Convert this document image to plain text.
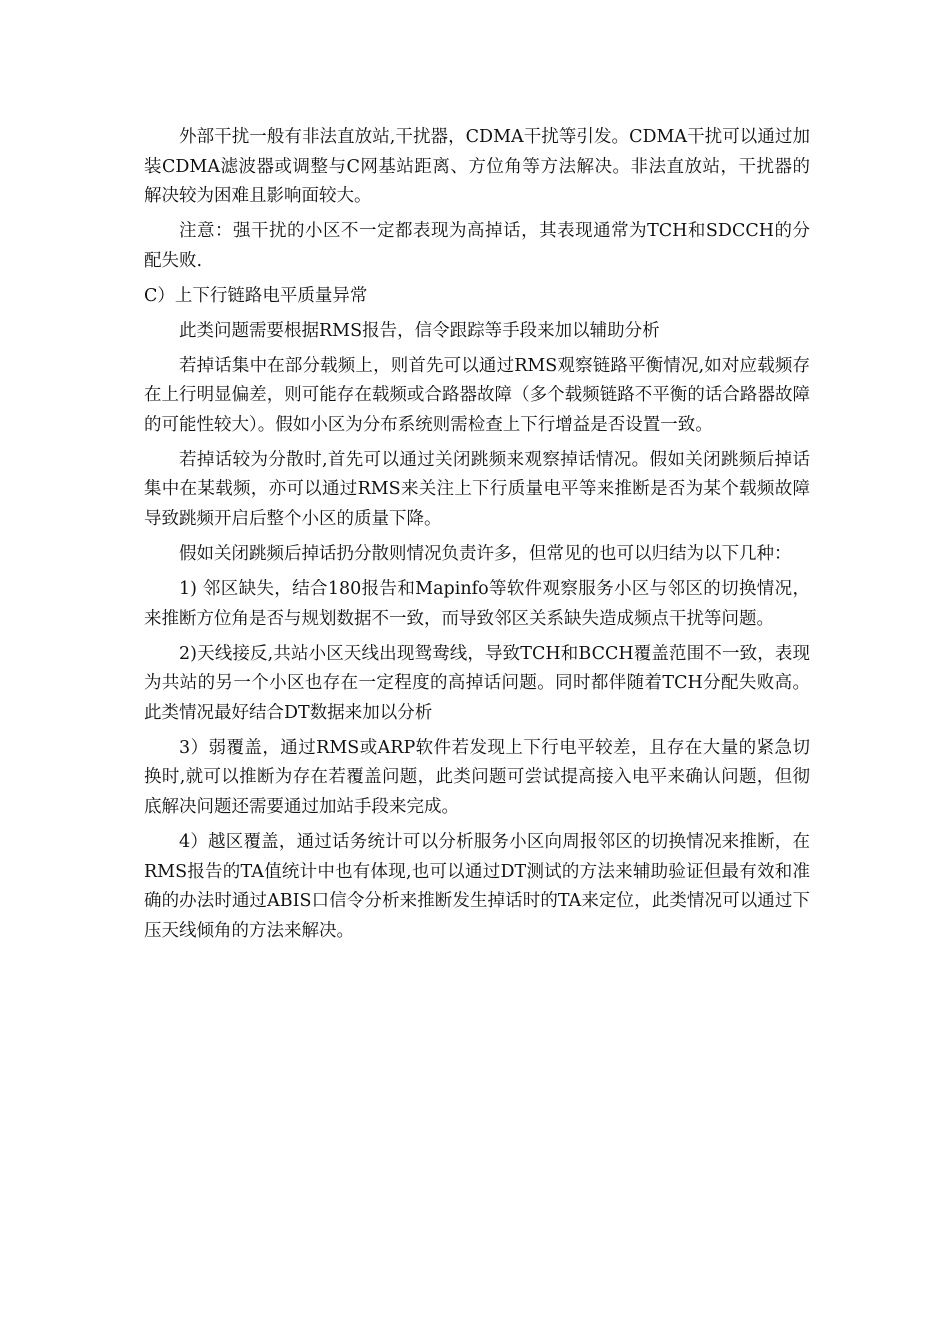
外部干扰一般有非法直放站,干扰器，CDMA干扰等引发。CDMA干扰可以通过加装CDMA滤波器或调整与C网基站距离、方位角等方法解决。非法直放站，干扰器的解决较为困难且影响面较大。

注意：强干扰的小区不一定都表现为高掉话，其表现通常为TCH和SDCCH的分配失败.

C）上下行链路电平质量异常

此类问题需要根据RMS报告，信令跟踪等手段来加以辅助分析

若掉话集中在部分载频上，则首先可以通过RMS观察链路平衡情况,如对应载频存在上行明显偏差，则可能存在载频或合路器故障（多个载频链路不平衡的话合路器故障的可能性较大）。假如小区为分布系统则需检查上下行增益是否设置一致。

若掉话较为分散时,首先可以通过关闭跳频来观察掉话情况。假如关闭跳频后掉话集中在某载频，亦可以通过RMS来关注上下行质量电平等来推断是否为某个载频故障导致跳频开启后整个小区的质量下降。

假如关闭跳频后掉话扔分散则情况负责许多，但常见的也可以归结为以下几种：

1) 邻区缺失，结合180报告和Mapinfo等软件观察服务小区与邻区的切换情况，来推断方位角是否与规划数据不一致，而导致邻区关系缺失造成频点干扰等问题。

2)天线接反,共站小区天线出现鸳鸯线，导致TCH和BCCH覆盖范围不一致，表现为共站的另一个小区也存在一定程度的高掉话问题。同时都伴随着TCH分配失败高。此类情况最好结合DT数据来加以分析

3）弱覆盖，通过RMS或ARP软件若发现上下行电平较差，且存在大量的紧急切换时,就可以推断为存在若覆盖问题，此类问题可尝试提高接入电平来确认问题，但彻底解决问题还需要通过加站手段来完成。

4）越区覆盖，通过话务统计可以分析服务小区向周报邻区的切换情况来推断，在RMS报告的TA值统计中也有体现,也可以通过DT测试的方法来辅助验证但最有效和准确的办法时通过ABIS口信令分析来推断发生掉话时的TA来定位，此类情况可以通过下压天线倾角的方法来解决。
